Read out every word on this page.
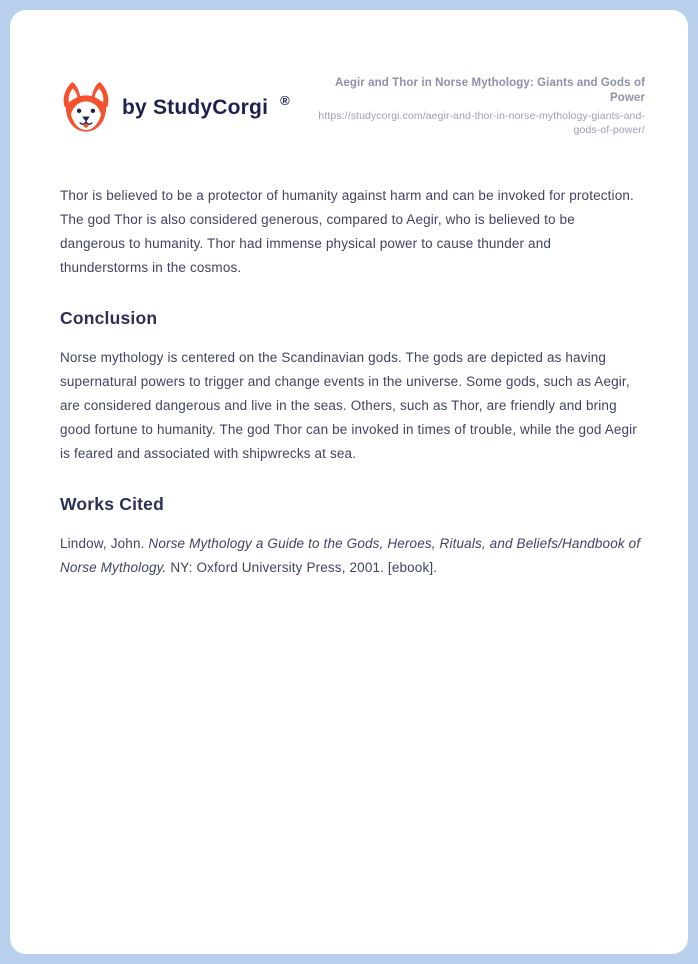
by StudyCorgi ®
Aegir and Thor in Norse Mythology: Giants and Gods of Power
https://studycorgi.com/aegir-and-thor-in-norse-mythology-giants-and-gods-of-power/

Thor is believed to be a protector of humanity against harm and can be invoked for protection. The god Thor is also considered generous, compared to Aegir, who is believed to be dangerous to humanity. Thor had immense physical power to cause thunder and thunderstorms in the cosmos.

Conclusion

Norse mythology is centered on the Scandinavian gods. The gods are depicted as having supernatural powers to trigger and change events in the universe. Some gods, such as Aegir, are considered dangerous and live in the seas. Others, such as Thor, are friendly and bring good fortune to humanity. The god Thor can be invoked in times of trouble, while the god Aegir is feared and associated with shipwrecks at sea.

Works Cited

Lindow, John. Norse Mythology a Guide to the Gods, Heroes, Rituals, and Beliefs/Handbook of Norse Mythology. NY: Oxford University Press, 2001. [ebook].
